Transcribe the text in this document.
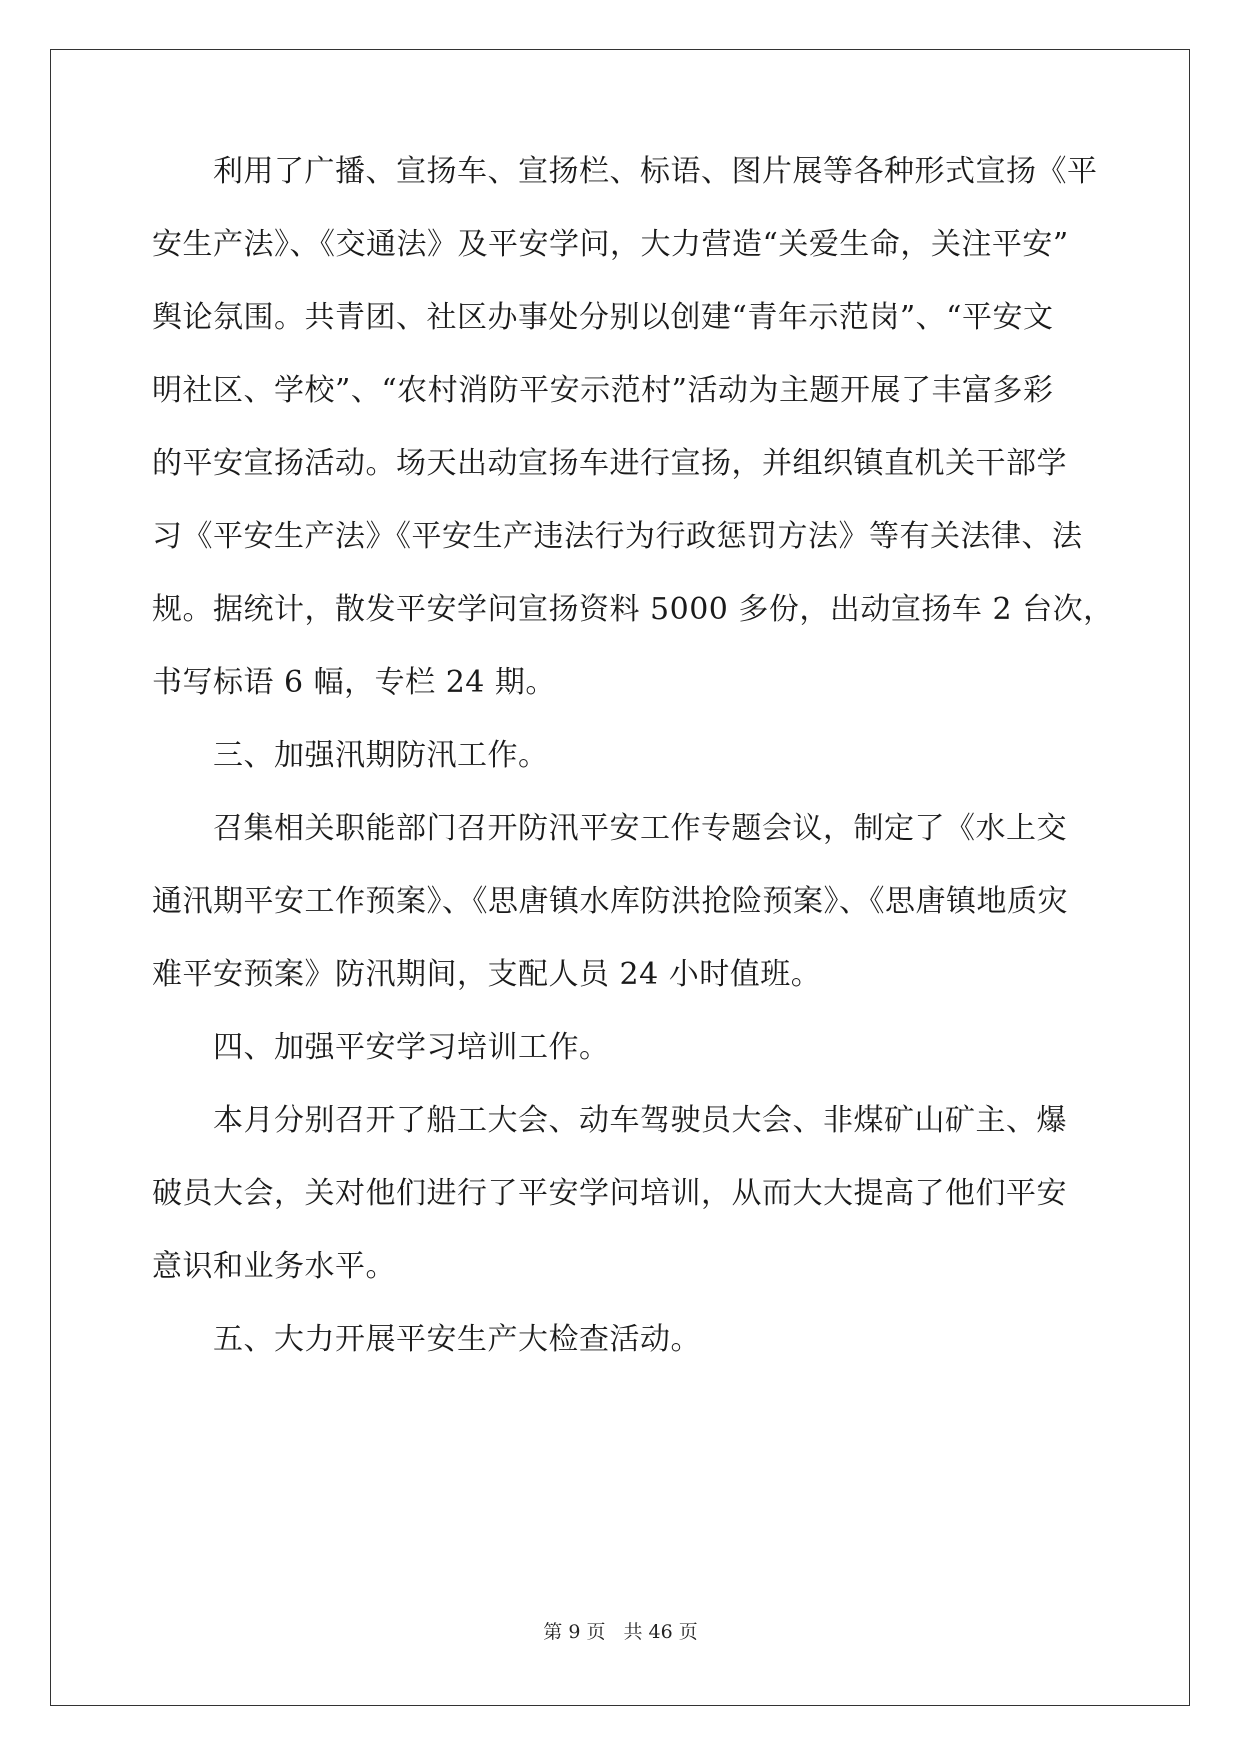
利用了广播、宣扬车、宣扬栏、标语、图片展等各种形式宣扬《平
安生产法》、《交通法》及平安学问，大力营造“关爱生命，关注平安”
舆论氛围。共青团、社区办事处分别以创建“青年示范岗”、“平安文
明社区、学校”、“农村消防平安示范村”活动为主题开展了丰富多彩
的平安宣扬活动。场天出动宣扬车进行宣扬，并组织镇直机关干部学
习《平安生产法》《平安生产违法行为行政惩罚方法》等有关法律、法
规。据统计，散发平安学问宣扬资料 5000 多份，出动宣扬车 2 台次，
书写标语 6 幅，专栏 24 期。
三、加强汛期防汛工作。
召集相关职能部门召开防汛平安工作专题会议，制定了《水上交
通汛期平安工作预案》、《思唐镇水库防洪抢险预案》、《思唐镇地质灾
难平安预案》防汛期间，支配人员 24 小时值班。
四、加强平安学习培训工作。
本月分别召开了船工大会、动车驾驶员大会、非煤矿山矿主、爆
破员大会，关对他们进行了平安学问培训，从而大大提高了他们平安
意识和业务水平。
五、大力开展平安生产大检查活动。
第 9 页 共 46 页
